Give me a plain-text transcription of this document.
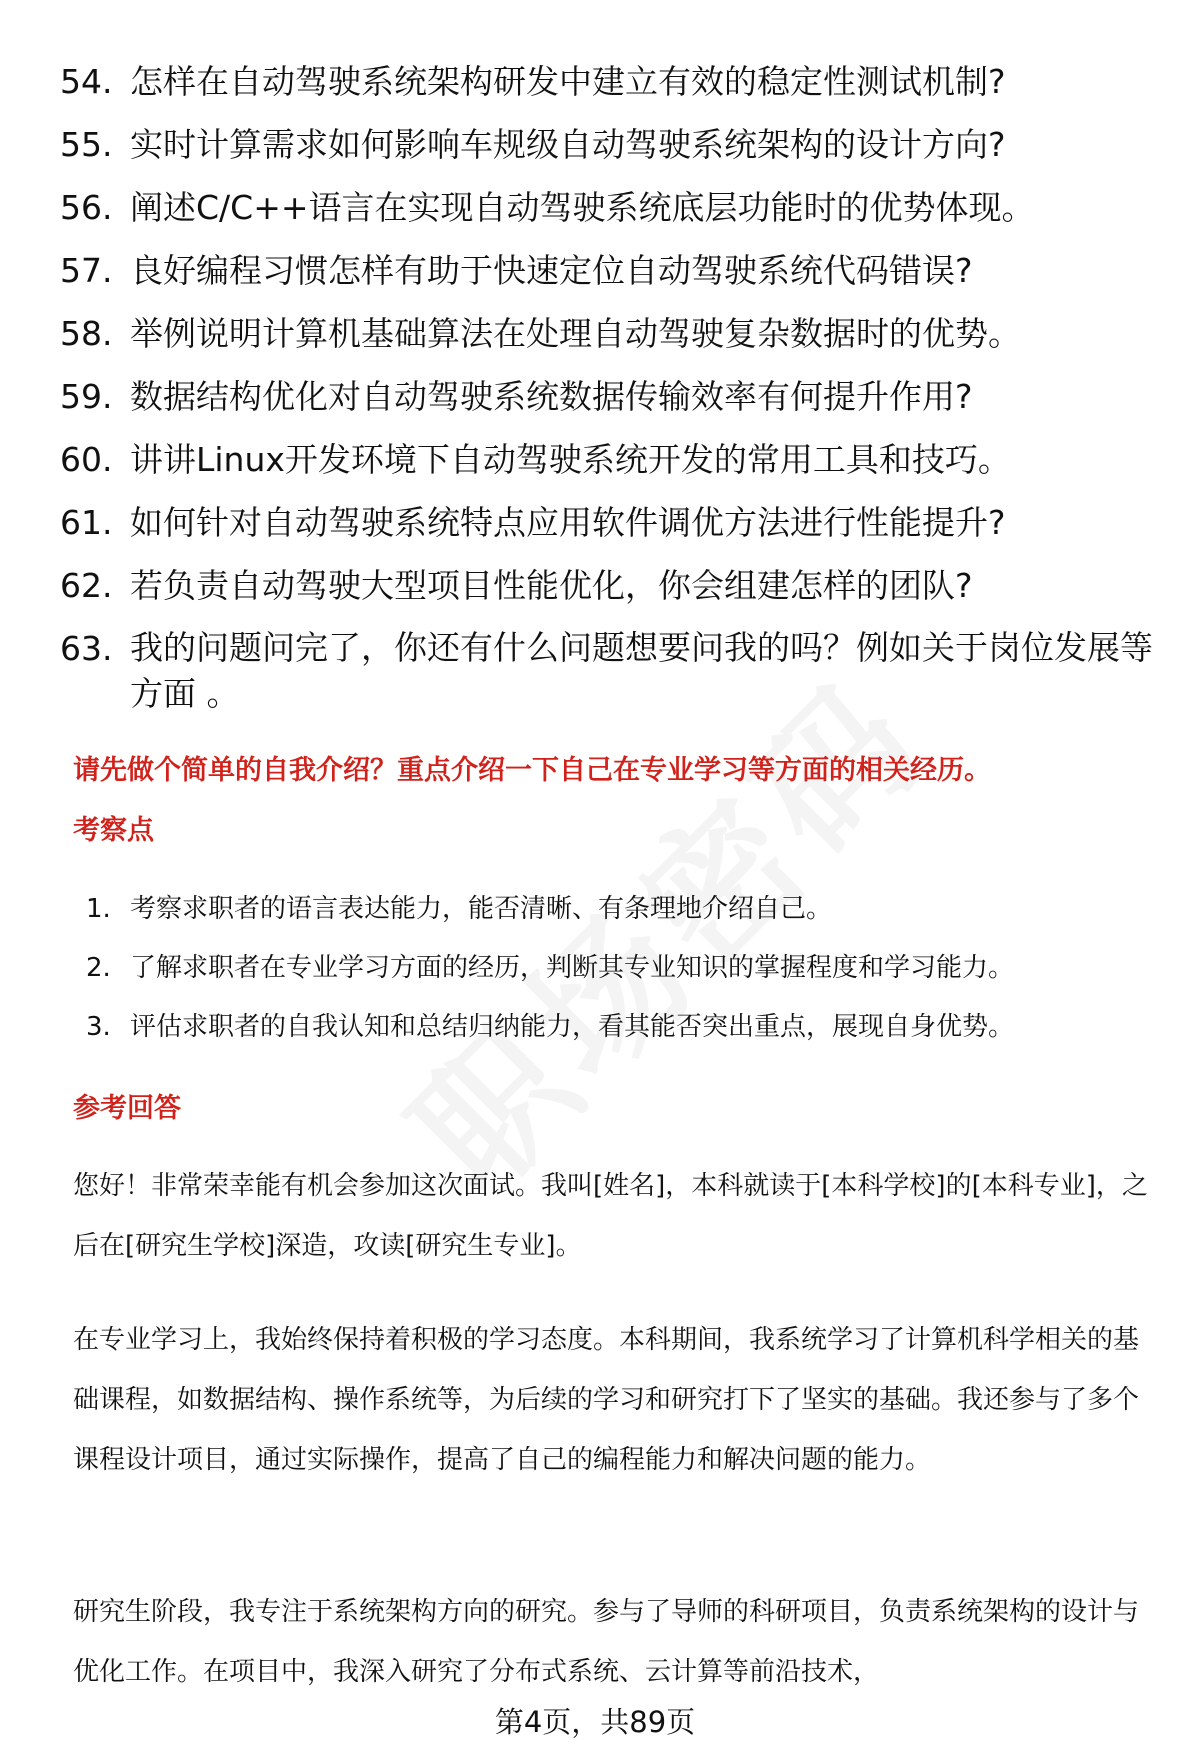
54. 怎样在自动驾驶系统架构研发中建立有效的稳定性测试机制?
55. 实时计算需求如何影响车规级自动驾驶系统架构的设计方向?
56. 阐述C/C++语言在实现自动驾驶系统底层功能时的优势体现。
57. 良好编程习惯怎样有助于快速定位自动驾驶系统代码错误?
58. 举例说明计算机基础算法在处理自动驾驶复杂数据时的优势。
59. 数据结构优化对自动驾驶系统数据传输效率有何提升作用?
60. 讲讲Linux开发环境下自动驾驶系统开发的常用工具和技巧。
61. 如何针对自动驾驶系统特点应用软件调优方法进行性能提升?
62. 若负责自动驾驶大型项目性能优化，你会组建怎样的团队?
63. 我的问题问完了，你还有什么问题想要问我的吗？例如关于岗位发展等方面 。
请先做个简单的自我介绍？重点介绍一下自己在专业学习等方面的相关经历。
考察点
1. 考察求职者的语言表达能力，能否清晰、有条理地介绍自己。
2. 了解求职者在专业学习方面的经历，判断其专业知识的掌握程度和学习能力。
3. 评估求职者的自我认知和总结归纳能力，看其能否突出重点，展现自身优势。
参考回答
您好！非常荣幸能有机会参加这次面试。我叫[姓名]，本科就读于[本科学校]的[本科专业]，之后在[研究生学校]深造，攻读[研究生专业]。
在专业学习上，我始终保持着积极的学习态度。本科期间，我系统学习了计算机科学相关的基础课程，如数据结构、操作系统等，为后续的学习和研究打下了坚实的基础。我还参与了多个课程设计项目，通过实际操作，提高了自己的编程能力和解决问题的能力。
研究生阶段，我专注于系统架构方向的研究。参与了导师的科研项目，负责系统架构的设计与优化工作。在项目中，我深入研究了分布式系统、云计算等前沿技术，
第4页，共89页
